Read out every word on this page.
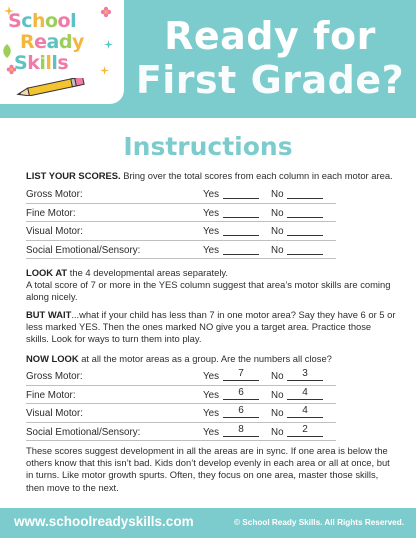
School
Ready
Skills
Ready for
First Grade?
Instructions
LIST YOUR SCORES. Bring over the total scores from each column in each motor area.
Gross Motor:	Yes	No
Fine Motor:	Yes	No
Visual Motor:	Yes	No
Social Emotional/Sensory:	Yes	No
LOOK AT the 4 developmental areas separately.
A total score of 7 or more in the YES column suggest that area’s motor skills are coming along nicely.
BUT WAIT...what if your child has less than 7 in one motor area? Say they have 6 or 5 or less marked YES. Then the ones marked NO give you a target area. Practice those skills. Look for ways to turn them into play.
NOW LOOK at all the motor areas as a group. Are the numbers all close?
Gross Motor:	Yes	7	No	3
Fine Motor:	Yes	6	No	4
Visual Motor:	Yes	6	No	4
Social Emotional/Sensory:	Yes	8	No	2
These scores suggest development in all the areas are in sync. If one area is below the others know that this isn’t bad. Kids don’t develop evenly in each area or all at once, but in turns. Like motor growth spurts. Often, they focus on one area, master those skills, then move to the next.
www.schoolreadyskills.com	© School Ready Skills. All Rights Reserved.
